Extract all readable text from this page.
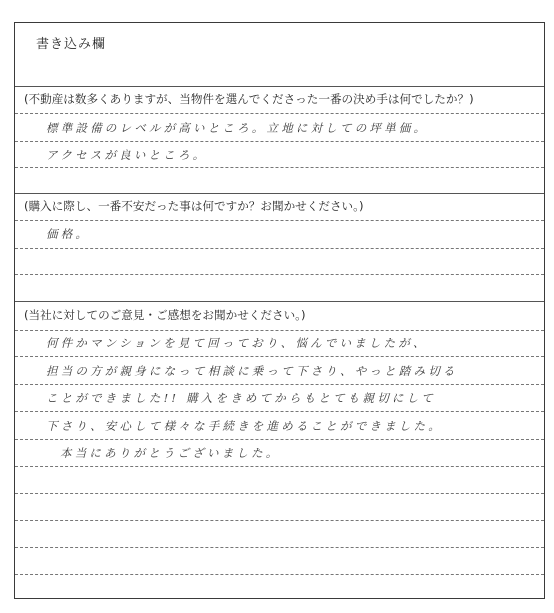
書き込み欄
(不動産は数多くありますが、当物件を選んでくださった一番の決め手は何でしたか？)
標準設備のレベルが高いところ。立地に対しての坪単価。
アクセスが良いところ。
(購入に際し、一番不安だった事は何ですか？お聞かせください。)
価格。
(当社に対してのご意見・ご感想をお聞かせください。)
何件かマンションを見て回っており、悩んでいましたが、
担当の方が親身になって相談に乗って下さり、やっと踏み切る
ことができました!! 購入をきめてからもとても親切にして
下さり、安心して様々な手続きを進めることができました。
本当にありがとうございました。
